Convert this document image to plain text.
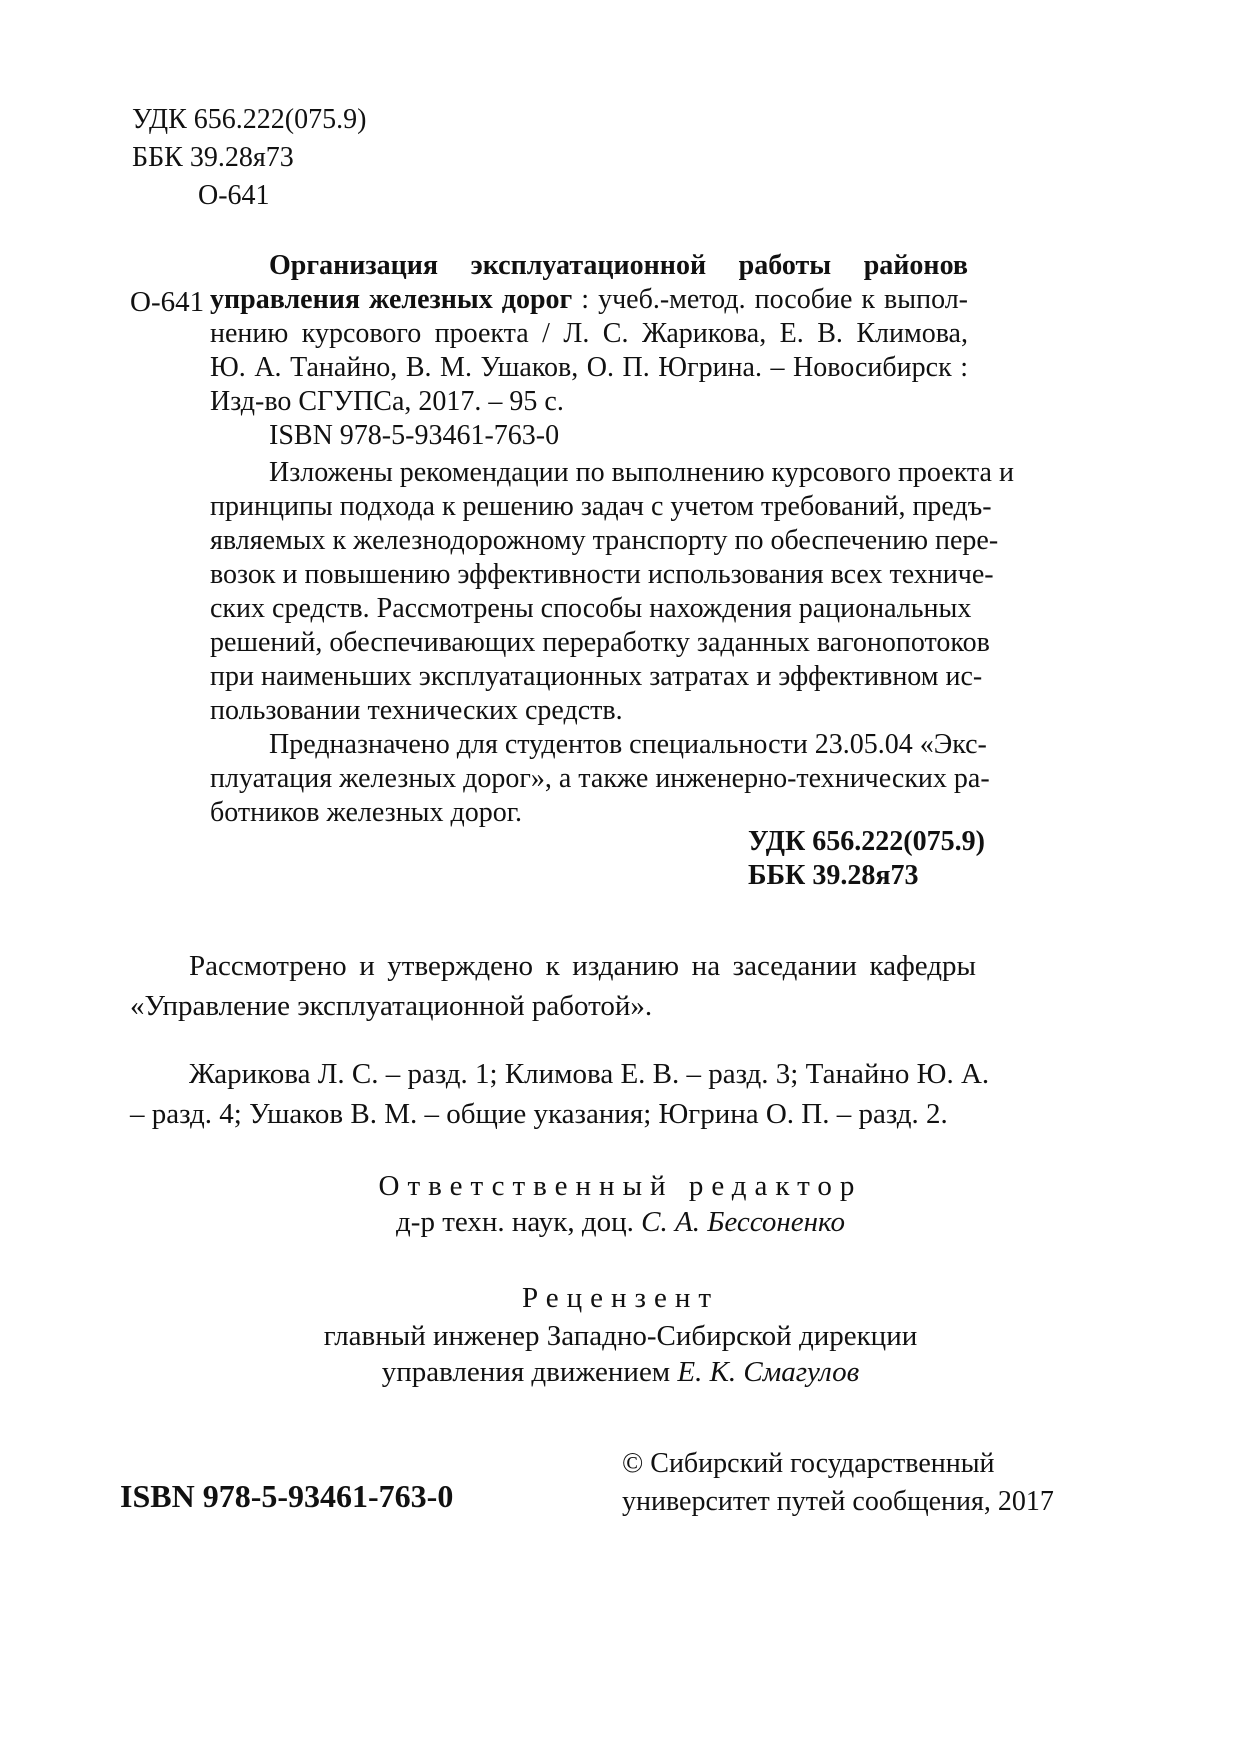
УДК 656.222(075.9)
ББК 39.28я73
О-641
О-641
Организация эксплуатационной работы районов
управления железных дорог : учеб.-метод. пособие к выпол-
нению курсового проекта / Л. С. Жарикова, Е. В. Климова,
Ю. А. Танайно, В. М. Ушаков, О. П. Югрина. – Новосибирск :
Изд-во СГУПСа, 2017. – 95 с.
ISBN 978-5-93461-763-0
Изложены рекомендации по выполнению курсового проекта и
принципы подхода к решению задач с учетом требований, предъ-
являемых к железнодорожному транспорту по обеспечению пере-
возок и повышению эффективности использования всех техниче-
ских средств. Рассмотрены способы нахождения рациональных
решений, обеспечивающих переработку заданных вагонопотоков
при наименьших эксплуатационных затратах и эффективном ис-
пользовании технических средств.
Предназначено для студентов специальности 23.05.04 «Экс-
плуатация железных дорог», а также инженерно-технических ра-
ботников железных дорог.
УДК 656.222(075.9)
ББК 39.28я73
Рассмотрено и утверждено к изданию на заседании кафедры
«Управление эксплуатационной работой».
Жарикова Л. С. – разд. 1; Климова Е. В. – разд. 3; Танайно Ю. А.
– разд. 4; Ушаков В. М. – общие указания; Югрина О. П. – разд. 2.
Ответственный редактор
д-р техн. наук, доц. С. А. Бессоненко
Рецензент
главный инженер Западно-Сибирской дирекции
управления движением Е. К. Смагулов
ISBN 978-5-93461-763-0
© Сибирский государственный
университет путей сообщения, 2017
